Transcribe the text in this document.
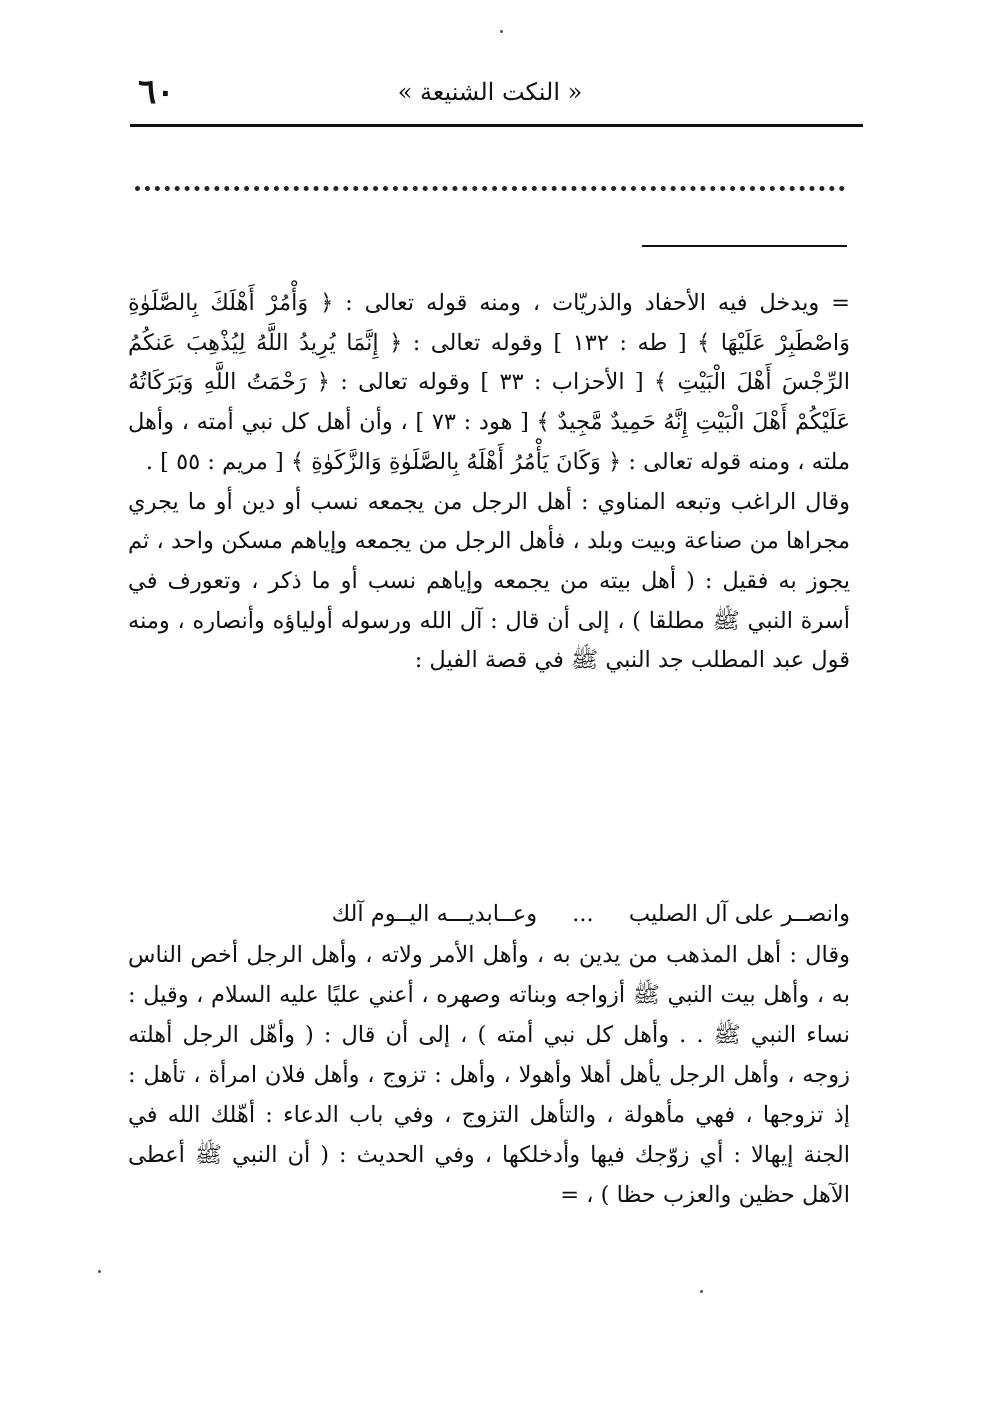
٦٠	« النكت الشنيعة »

= ويدخل فيه الأحفاد والذريّات ، ومنه قوله تعالى : ﴿ وَأْمُرْ أَهْلَكَ بِالصَّلَوٰةِ وَاصْطَبِرْ عَلَيْهَا ﴾ [ طه : ١٣٢ ] وقوله تعالى : ﴿ إِنَّمَا يُرِيدُ اللَّهُ لِيُذْهِبَ عَنكُمُ الرِّجْسَ أَهْلَ الْبَيْتِ ﴾ [ الأحزاب : ٣٣ ] وقوله تعالى : ﴿ رَحْمَتُ اللَّهِ وَبَرَكَاتُهُ عَلَيْكُمْ أَهْلَ الْبَيْتِ إِنَّهُ حَمِيدٌ مَّجِيدٌ ﴾ [ هود : ٧٣ ] ، وأن أهل كل نبي أمته ، وأهل ملته ، ومنه قوله تعالى : ﴿ وَكَانَ يَأْمُرُ أَهْلَهُ بِالصَّلَوٰةِ وَالزَّكَوٰةِ ﴾ [ مريم : ٥٥ ] .

وقال الراغب وتبعه المناوي : أهل الرجل من يجمعه نسب أو دين أو ما يجري مجراها من صناعة وبيت وبلد ، فأهل الرجل من يجمعه وإياهم مسكن واحد ، ثم يجوز به فقيل : ( أهل بيته من يجمعه وإياهم نسب أو ما ذكر ، وتعورف في أسرة النبي ﷺ مطلقا ) ، إلى أن قال : آل الله ورسوله أولياؤه وأنصاره ، ومنه قول عبد المطلب جد النبي ﷺ في قصة الفيل :

وانصــر على آل الصليب ... وعــابديـــه اليــوم آلك

وقال : أهل المذهب من يدين به ، وأهل الأمر ولاته ، وأهل الرجل أخص الناس به ، وأهل بيت النبي ﷺ أزواجه وبناته وصهره ، أعني عليًا عليه السلام ، وقيل : نساء النبي ﷺ . . وأهل كل نبي أمته ) ، إلى أن قال : ( وأهّل الرجل أهلته زوجه ، وأهل الرجل يأهل أهلا وأهولا ، وأهل : تزوج ، وأهل فلان امرأة ، تأهل : إذ تزوجها ، فهي مأهولة ، والتأهل التزوج ، وفي باب الدعاء : أهّلك الله في الجنة إيهالا : أي زوّجك فيها وأدخلكها ، وفي الحديث : ( أن النبي ﷺ أعطى الآهل حظين والعزب حظا ) ، =
